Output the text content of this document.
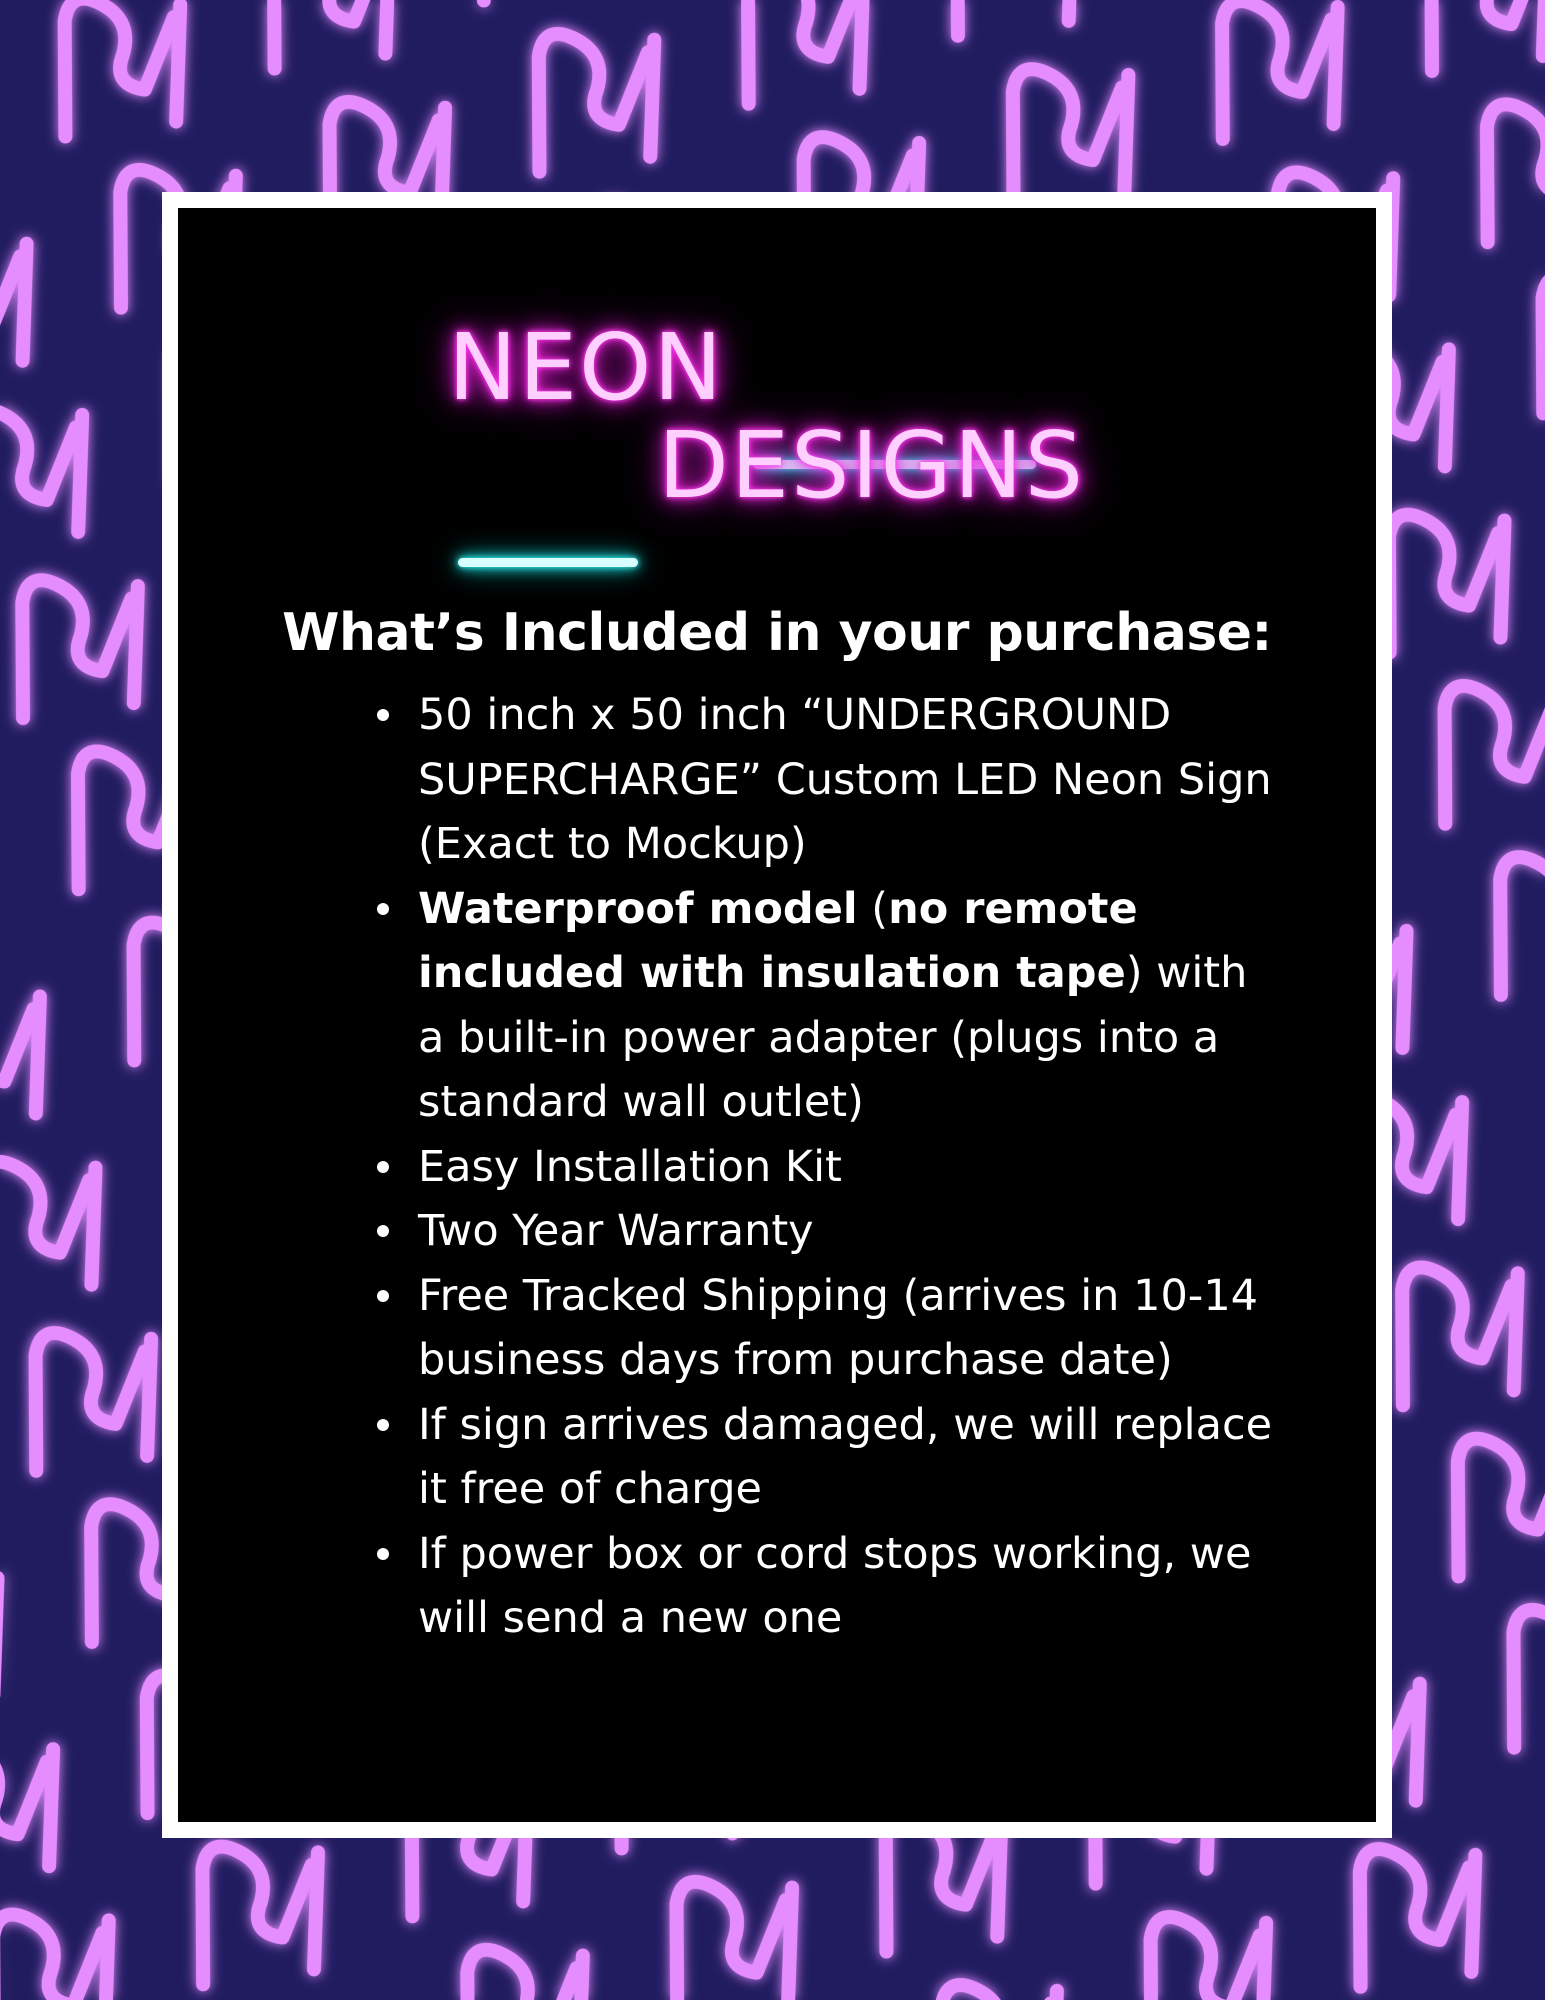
NEON
DESIGNS
What’s Included in your purchase:
50 inch x 50 inch “UNDERGROUND SUPERCHARGE” Custom LED Neon Sign (Exact to Mockup)
Waterproof model (no remote included with insulation tape) with a built-in power adapter (plugs into a standard wall outlet)
Easy Installation Kit
Two Year Warranty
Free Tracked Shipping (arrives in 10-14 business days from purchase date)
If sign arrives damaged, we will replace it free of charge
If power box or cord stops working, we will send a new one
